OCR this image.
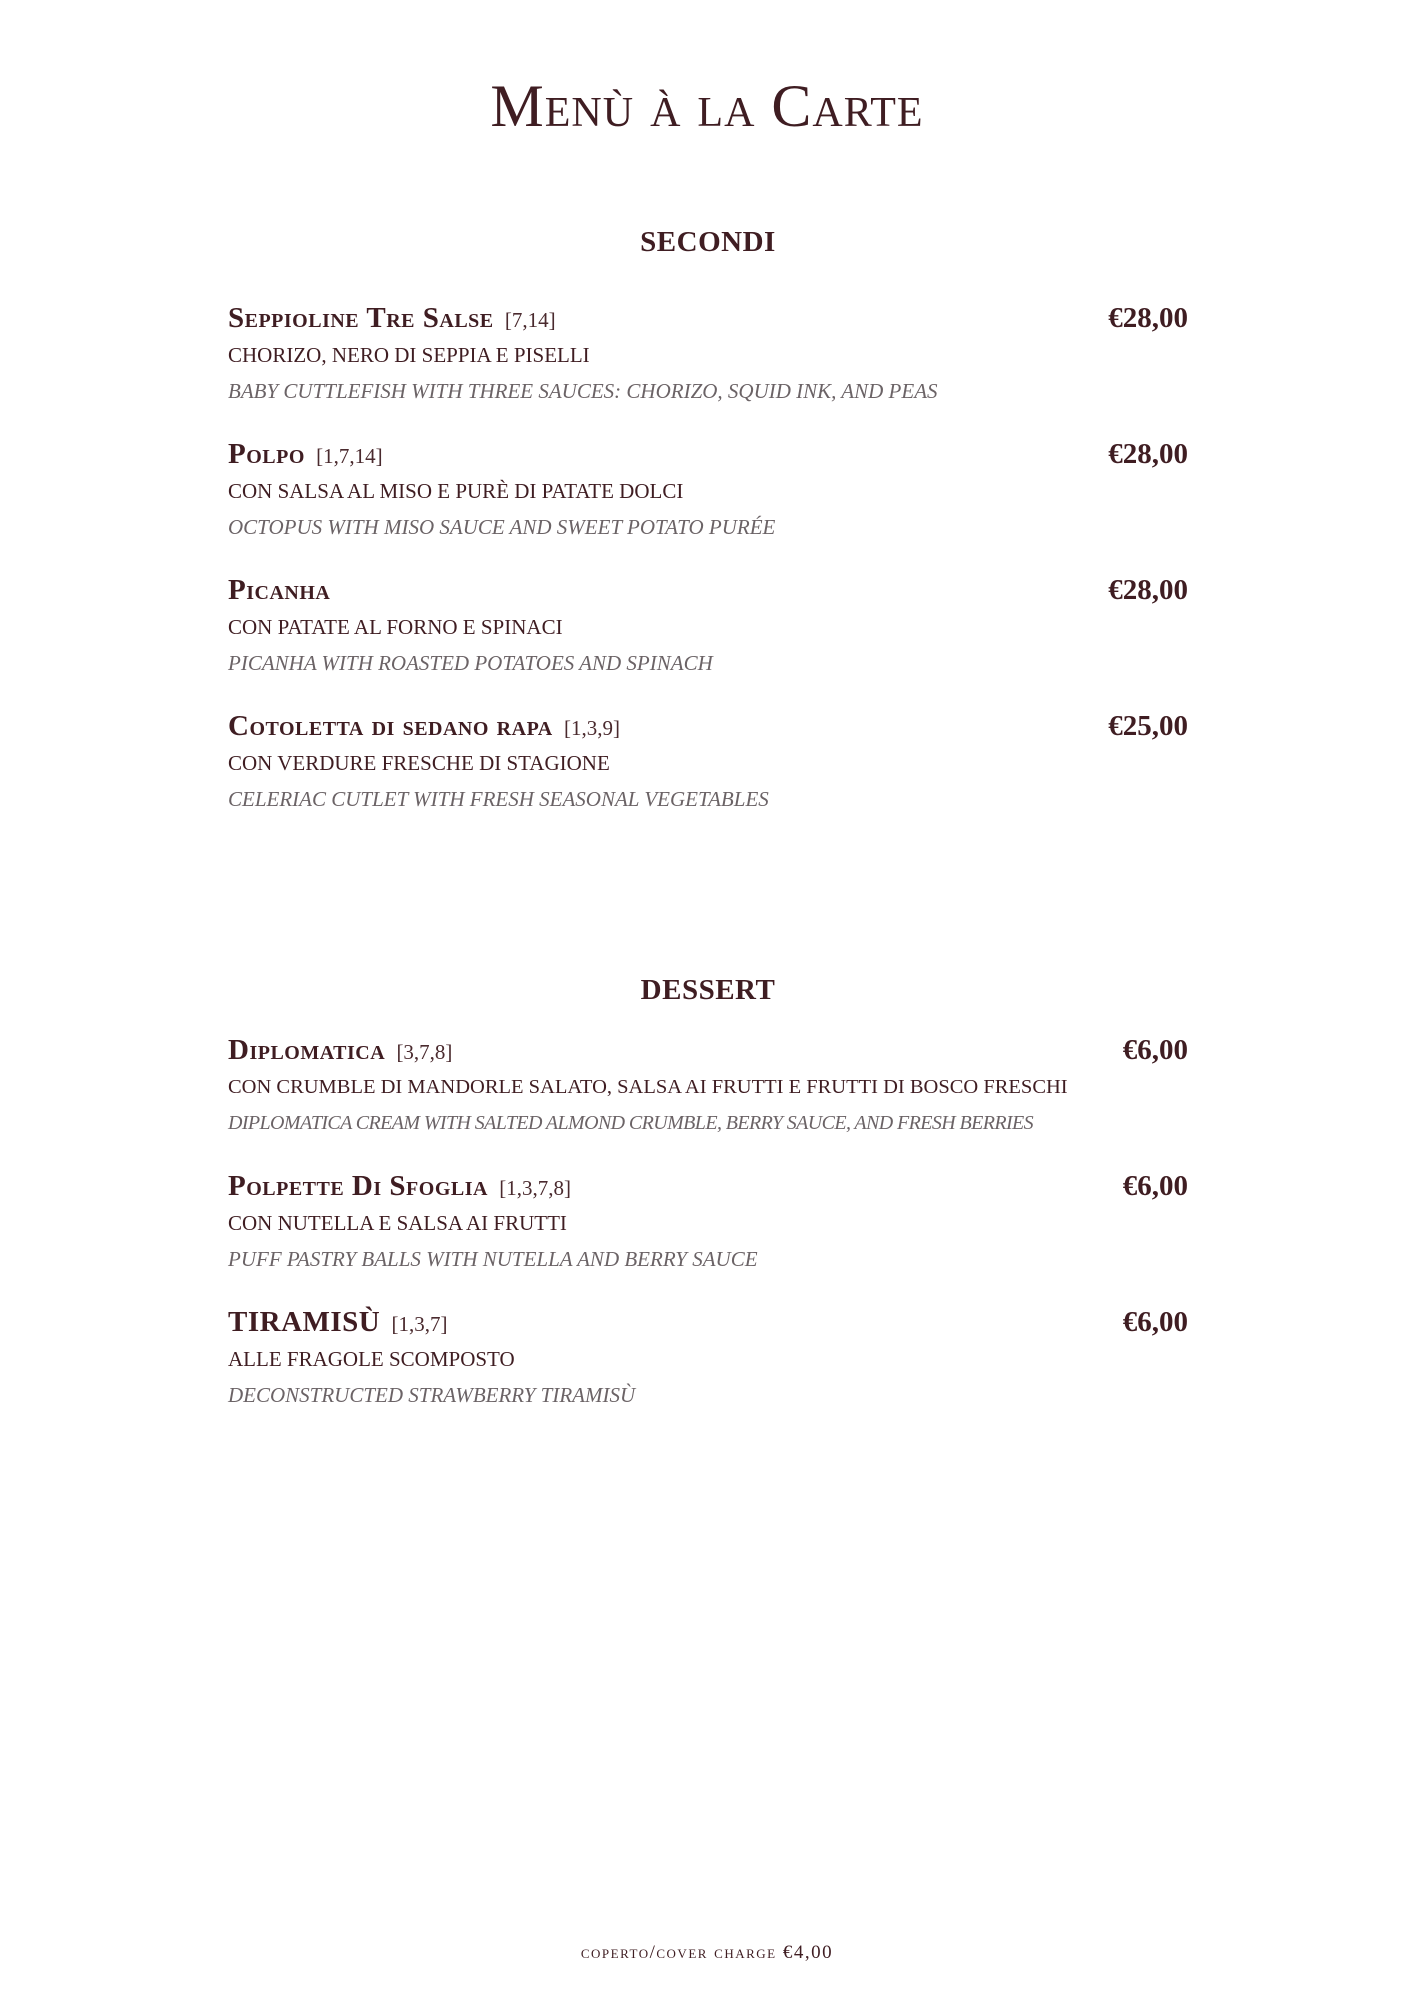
Menù à la Carte
SECONDI
Seppioline Tre Salse [7,14]	€28,00
CHORIZO, NERO DI SEPPIA E PISELLI
BABY CUTTLEFISH WITH THREE SAUCES: CHORIZO, SQUID INK, AND PEAS
Polpo [1,7,14]	€28,00
CON SALSA AL MISO E PURÈ DI PATATE DOLCI
OCTOPUS WITH MISO SAUCE AND SWEET POTATO PURÉE
Picanha	€28,00
CON PATATE AL FORNO E SPINACI
PICANHA WITH ROASTED POTATOES AND SPINACH
Cotoletta di sedano rapa [1,3,9]	€25,00
CON VERDURE FRESCHE DI STAGIONE
CELERIAC CUTLET WITH FRESH SEASONAL VEGETABLES
DESSERT
Diplomatica [3,7,8]	€6,00
CON CRUMBLE DI MANDORLE SALATO, SALSA AI FRUTTI E FRUTTI DI BOSCO FRESCHI
DIPLOMATICA CREAM WITH SALTED ALMOND CRUMBLE, BERRY SAUCE, AND FRESH BERRIES
Polpette Di Sfoglia [1,3,7,8]	€6,00
CON NUTELLA E SALSA AI FRUTTI
PUFF PASTRY BALLS WITH NUTELLA AND BERRY SAUCE
TIRAMISÙ [1,3,7]	€6,00
ALLE FRAGOLE SCOMPOSTO
DECONSTRUCTED STRAWBERRY TIRAMISÙ
coperto/cover charge €4,00
